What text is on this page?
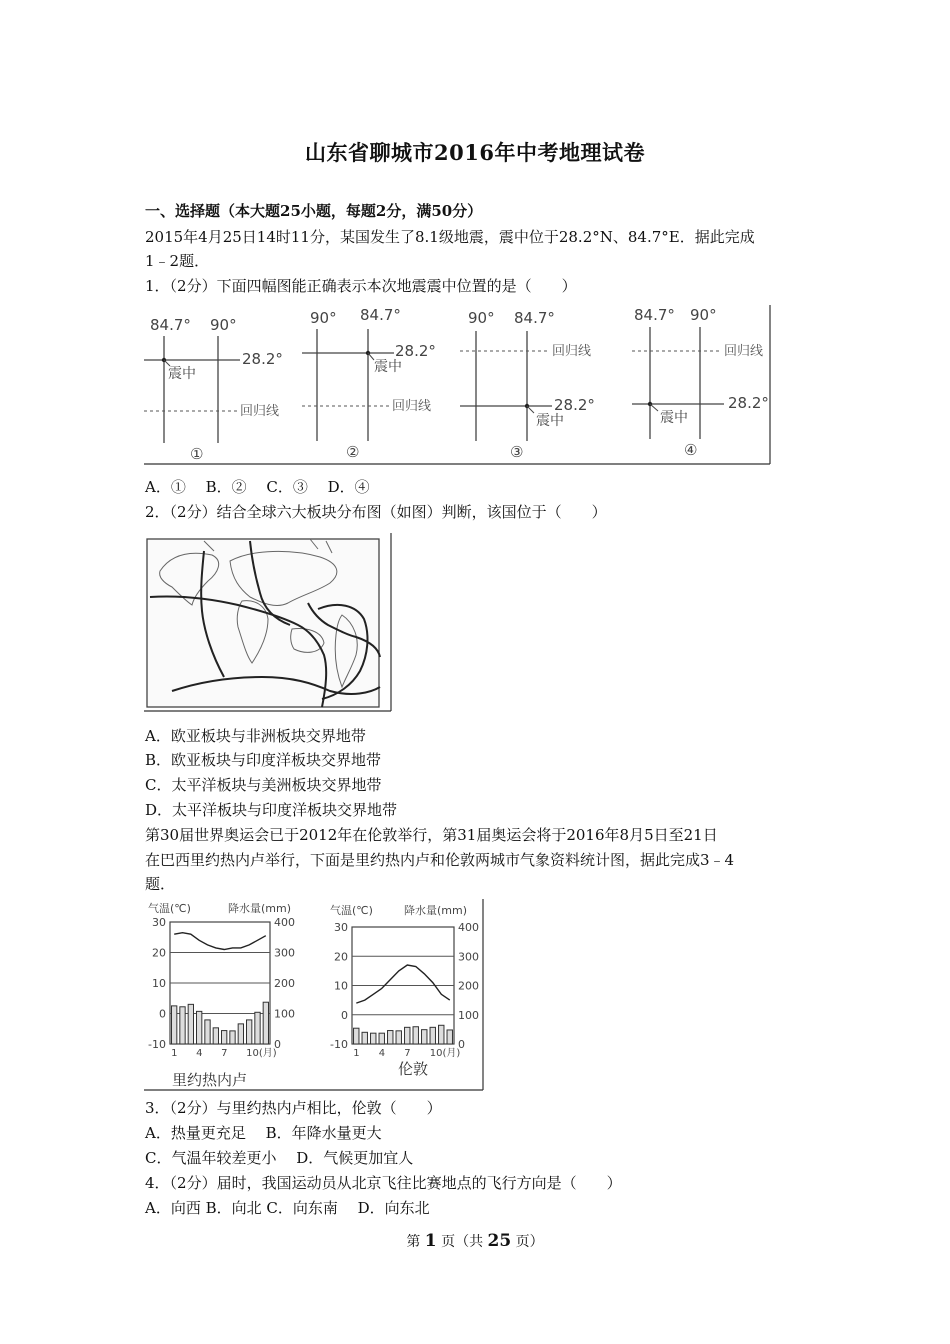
山东省聊城市2016年中考地理试卷
一、选择题（本大题25小题，每题2分，满50分）
2015年4月25日14时11分，某国发生了8.1级地震，震中位于28.2°N、84.7°E．据此完成
1﹣2题．
1．（2分）下面四幅图能正确表示本次地震震中位置的是（　　）
84.7° 90°
28.2°
震中
回归线
①
90° 84.7°
28.2°
震中
回归线
②
90° 84.7°
回归线
28.2°
震中
③
84.7° 90°
回归线
28.2°
震中
④
A．①　 B．②　 C．③　 D．④
2．（2分）结合全球六大板块分布图（如图）判断，该国位于（　　）
A．欧亚板块与非洲板块交界地带
B．欧亚板块与印度洋板块交界地带
C．太平洋板块与美洲板块交界地带
D．太平洋板块与印度洋板块交界地带
第30届世界奥运会已于2012年在伦敦举行，第31届奥运会将于2016年8月5日至21日
在巴西里约热内卢举行，下面是里约热内卢和伦敦两城市气象资料统计图，据此完成3﹣4
题．
气温(℃)	降水量(mm)
里约热内卢
30
20
10
0
-10
400
300
200
100
0
1 4 7 10(月)
气温(℃)	降水量(mm)
伦敦
30
20
10
0
-10
400
300
200
100
0
1 4 7 10(月)
3．（2分）与里约热内卢相比，伦敦（　　）
A．热量更充足　 B．年降水量更大
C．气温年较差更小　 D．气候更加宜人
4．（2分）届时，我国运动员从北京飞往比赛地点的飞行方向是（　　）
A．向西 B．向北 C．向东南　 D．向东北
第 1 页（共 25 页）
